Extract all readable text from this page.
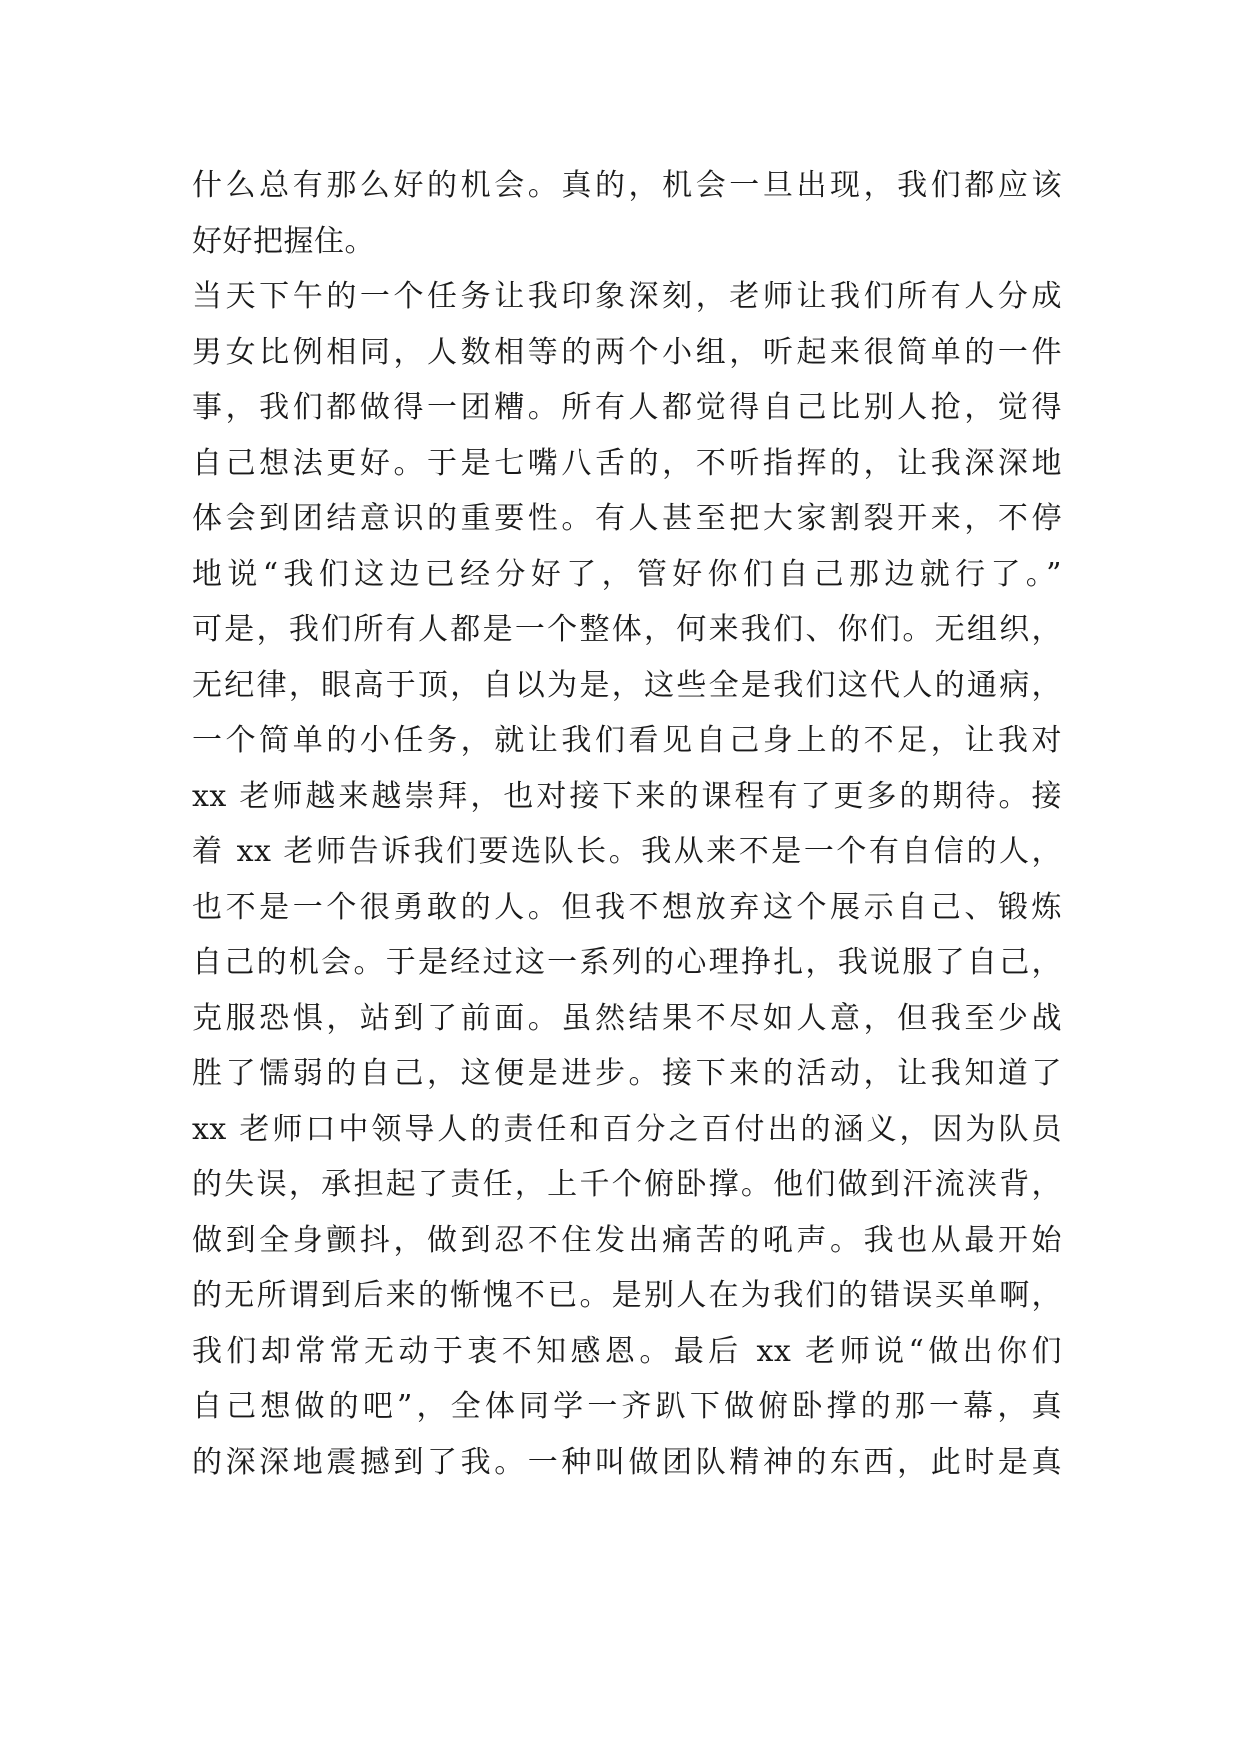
什么总有那么好的机会。真的，机会一旦出现，我们都应该
好好把握住。
当天下午的一个任务让我印象深刻，老师让我们所有人分成
男女比例相同，人数相等的两个小组，听起来很简单的一件
事，我们都做得一团糟。所有人都觉得自己比别人抢，觉得
自己想法更好。于是七嘴八舌的，不听指挥的，让我深深地
体会到团结意识的重要性。有人甚至把大家割裂开来，不停
地说“我们这边已经分好了，管好你们自己那边就行了。”
可是，我们所有人都是一个整体，何来我们、你们。无组织，
无纪律，眼高于顶，自以为是，这些全是我们这代人的通病，
一个简单的小任务，就让我们看见自己身上的不足，让我对
xx 老师越来越崇拜，也对接下来的课程有了更多的期待。接
着 xx 老师告诉我们要选队长。我从来不是一个有自信的人，
也不是一个很勇敢的人。但我不想放弃这个展示自己、锻炼
自己的机会。于是经过这一系列的心理挣扎，我说服了自己，
克服恐惧，站到了前面。虽然结果不尽如人意，但我至少战
胜了懦弱的自己，这便是进步。接下来的活动，让我知道了
xx 老师口中领导人的责任和百分之百付出的涵义，因为队员
的失误，承担起了责任，上千个俯卧撑。他们做到汗流浃背，
做到全身颤抖，做到忍不住发出痛苦的吼声。我也从最开始
的无所谓到后来的惭愧不已。是别人在为我们的错误买单啊，
我们却常常无动于衷不知感恩。最后 xx 老师说“做出你们
自己想做的吧”，全体同学一齐趴下做俯卧撑的那一幕，真
的深深地震撼到了我。一种叫做团队精神的东西，此时是真
